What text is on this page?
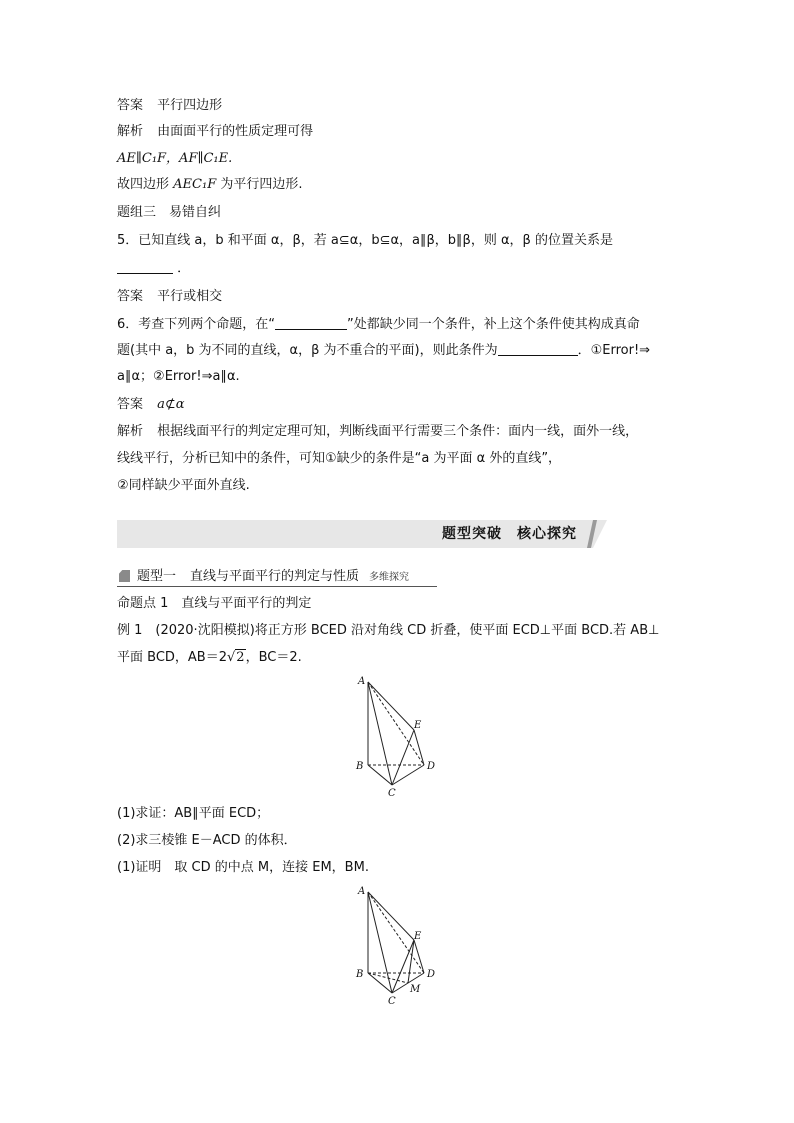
答案 平行四边形
解析 由面面平行的性质定理可得
AE∥C₁F，AF∥C₁E.
故四边形 AEC₁F 为平行四边形.
题组三　易错自纠
5．已知直线 a，b 和平面 α，β，若 a⊆α，b⊆α，a∥β，b∥β，则 α，β 的位置关系是
．
答案 平行或相交
6．考查下列两个命题，在“	”处都缺少同一个条件，补上这个条件使其构成真命
题(其中 a，b 为不同的直线，α，β 为不重合的平面)，则此条件为	．①Error!⇒
a∥α；②Error!⇒a∥α.
答案 a⊄α
解析 根据线面平行的判定定理可知，判断线面平行需要三个条件：面内一线，面外一线，
线线平行，分析已知中的条件，可知①缺少的条件是“a 为平面 α 外的直线”，
②同样缺少平面外直线.
题型突破　核心探究
题型一 直线与平面平行的判定与性质 多维探究
命题点 1　直线与平面平行的判定
例 1　(2020·沈阳模拟)将正方形 BCED 沿对角线 CD 折叠，使平面 ECD⊥平面 BCD.若 AB⊥
平面 BCD，AB＝2√2，BC＝2.
A
B
C
D
E
(1)求证：AB∥平面 ECD；
(2)求三棱锥 E－ACD 的体积．
(1)证明　取 CD 的中点 M，连接 EM，BM.
A
B
C
D
E
M
